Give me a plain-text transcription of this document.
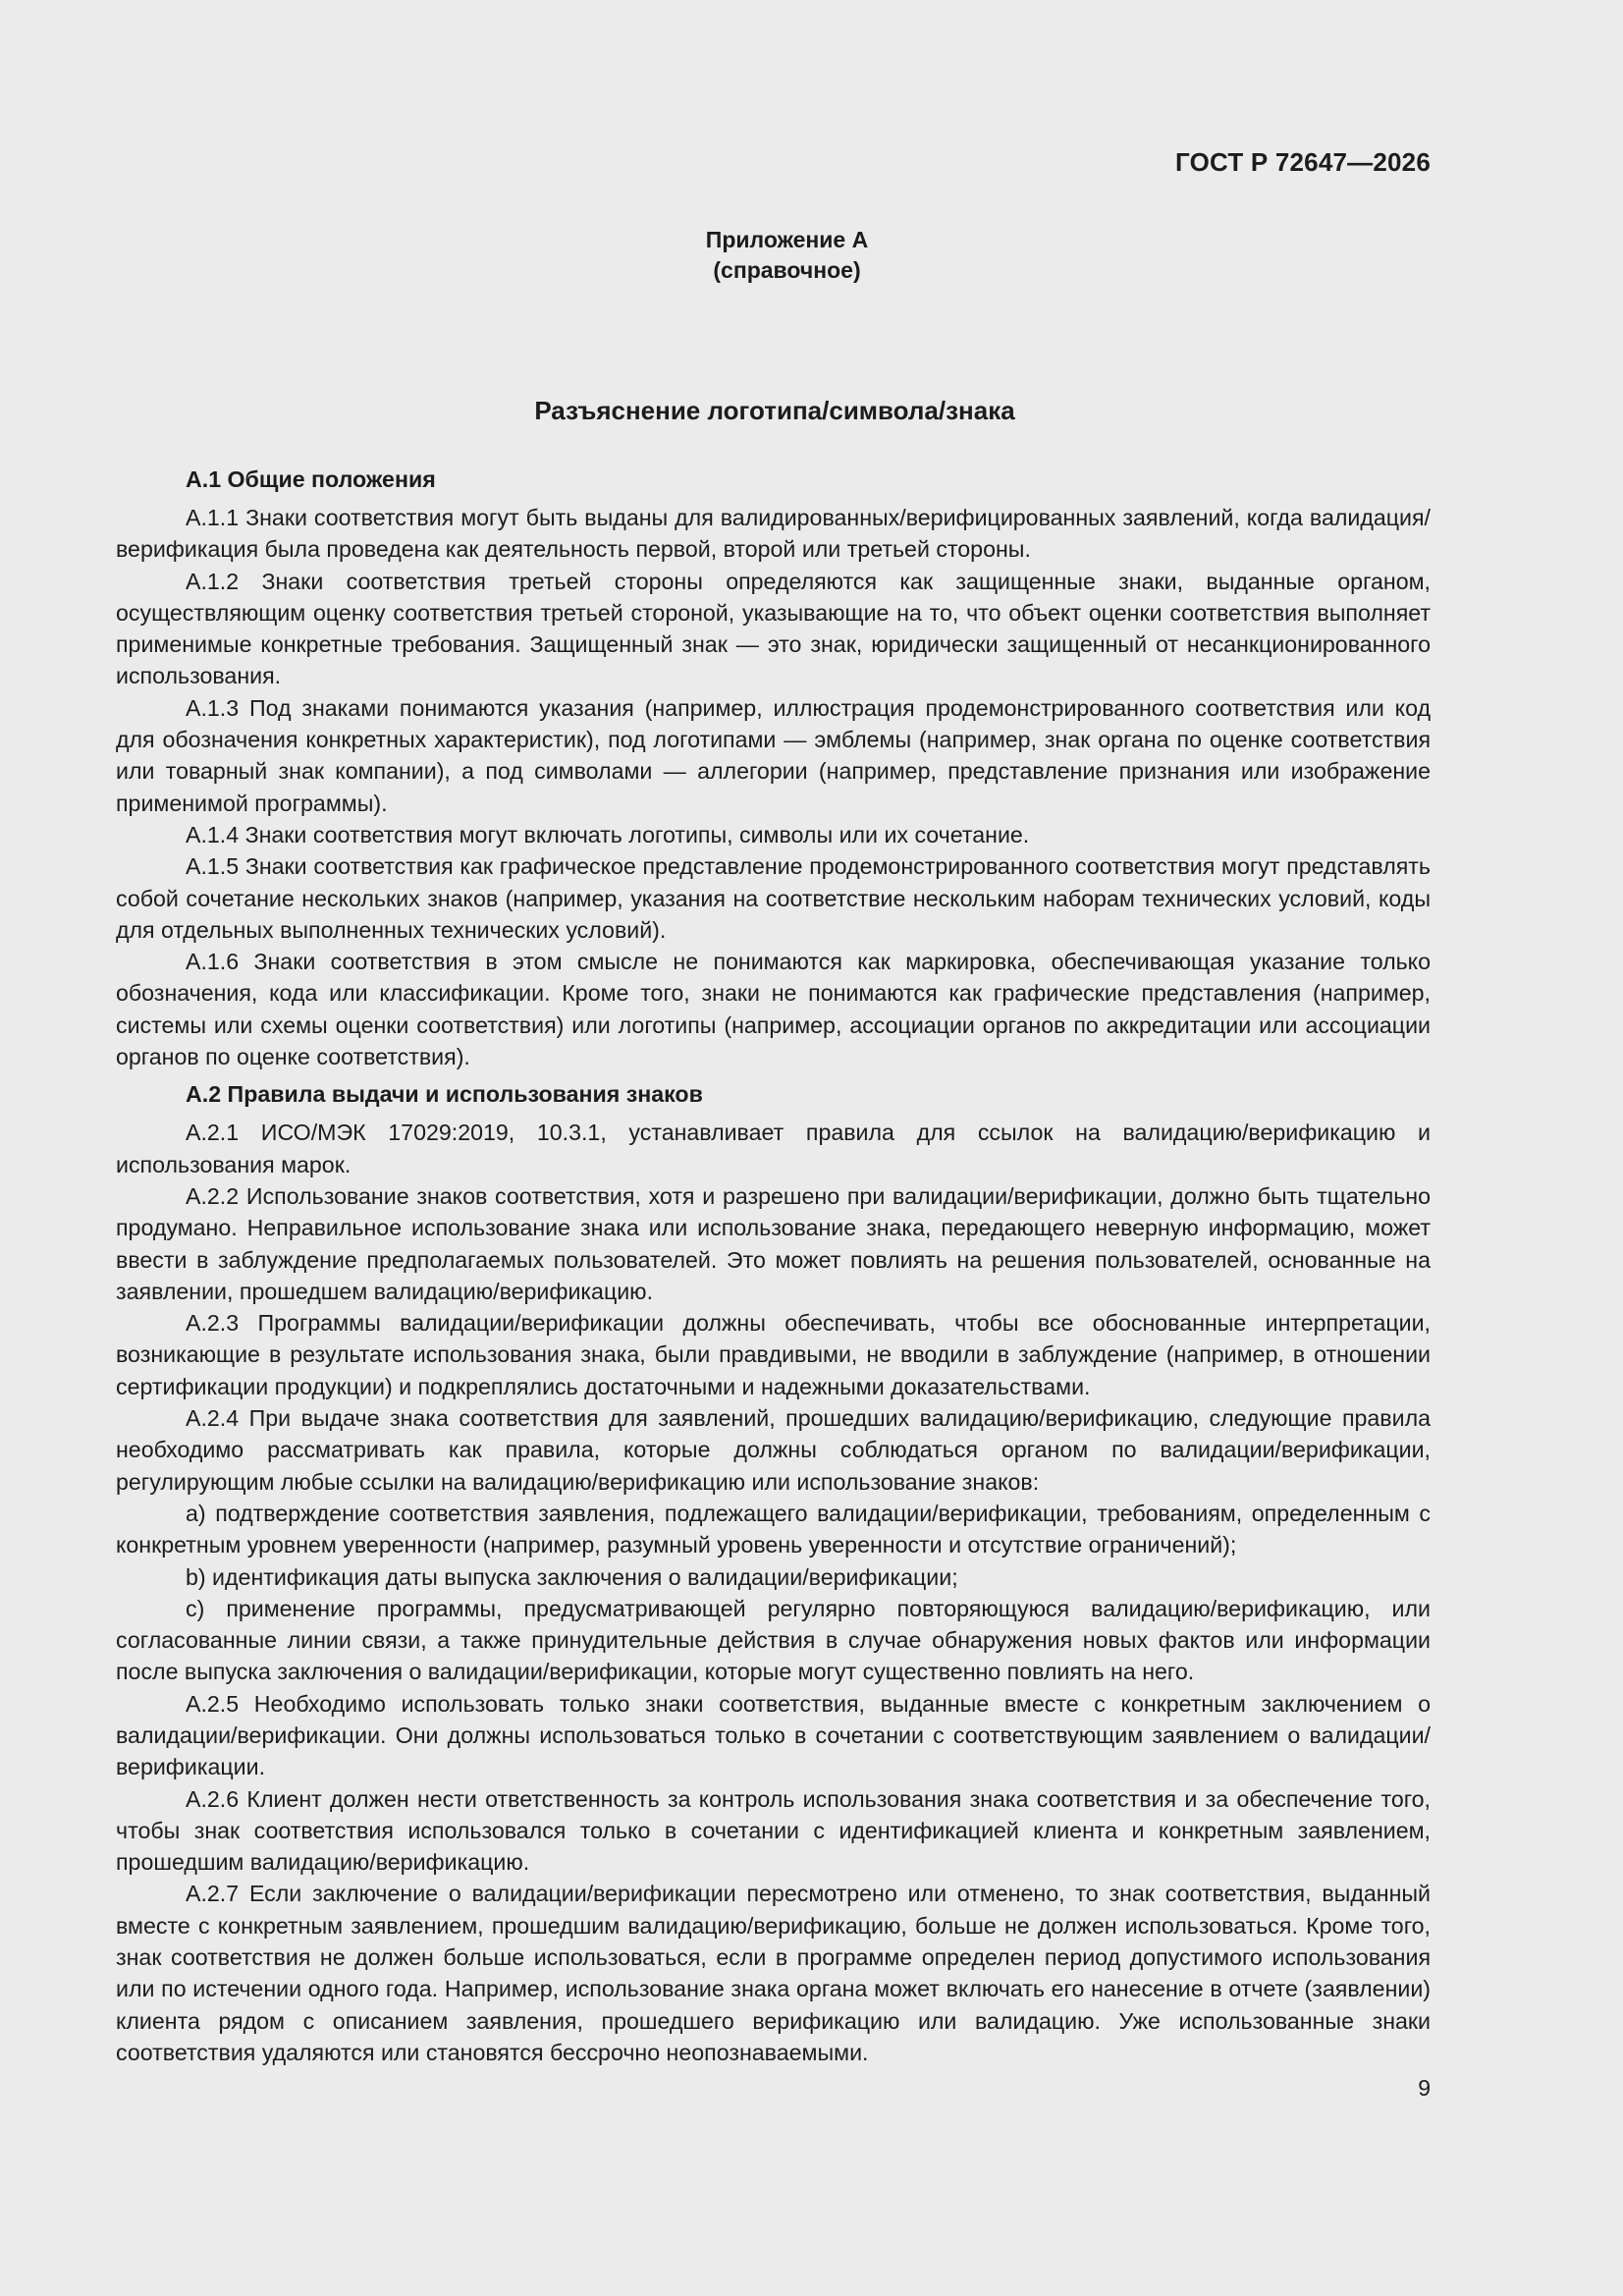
ГОСТ Р 72647—2026
Приложение А
(справочное)
Разъяснение логотипа/символа/знака
А.1 Общие положения

А.1.1 Знаки соответствия могут быть выданы для валидированных/верифицированных заявлений, когда валидация/верификация была проведена как деятельность первой, второй или третьей стороны.

А.1.2 Знаки соответствия третьей стороны определяются как защищенные знаки, выданные органом, осуществляющим оценку соответствия третьей стороной, указывающие на то, что объект оценки соответствия выполняет применимые конкретные требования. Защищенный знак — это знак, юридически защищенный от несанкционированного использования.

А.1.3 Под знаками понимаются указания (например, иллюстрация продемонстрированного соответствия или код для обозначения конкретных характеристик), под логотипами — эмблемы (например, знак органа по оценке соответствия или товарный знак компании), а под символами — аллегории (например, представление признания или изображение применимой программы).

А.1.4 Знаки соответствия могут включать логотипы, символы или их сочетание.

А.1.5 Знаки соответствия как графическое представление продемонстрированного соответствия могут представлять собой сочетание нескольких знаков (например, указания на соответствие нескольким наборам технических условий, коды для отдельных выполненных технических условий).

А.1.6 Знаки соответствия в этом смысле не понимаются как маркировка, обеспечивающая указание только обозначения, кода или классификации. Кроме того, знаки не понимаются как графические представления (например, системы или схемы оценки соответствия) или логотипы (например, ассоциации органов по аккредитации или ассоциации органов по оценке соответствия).

А.2 Правила выдачи и использования знаков

А.2.1 ИСО/МЭК 17029:2019, 10.3.1, устанавливает правила для ссылок на валидацию/верификацию и использования марок.

А.2.2 Использование знаков соответствия, хотя и разрешено при валидации/верификации, должно быть тщательно продумано. Неправильное использование знака или использование знака, передающего неверную информацию, может ввести в заблуждение предполагаемых пользователей. Это может повлиять на решения пользователей, основанные на заявлении, прошедшем валидацию/верификацию.

А.2.3 Программы валидации/верификации должны обеспечивать, чтобы все обоснованные интерпретации, возникающие в результате использования знака, были правдивыми, не вводили в заблуждение (например, в отношении сертификации продукции) и подкреплялись достаточными и надежными доказательствами.

А.2.4 При выдаче знака соответствия для заявлений, прошедших валидацию/верификацию, следующие правила необходимо рассматривать как правила, которые должны соблюдаться органом по валидации/верификации, регулирующим любые ссылки на валидацию/верификацию или использование знаков:

а) подтверждение соответствия заявления, подлежащего валидации/верификации, требованиям, определенным с конкретным уровнем уверенности (например, разумный уровень уверенности и отсутствие ограничений);

b) идентификация даты выпуска заключения о валидации/верификации;

c) применение программы, предусматривающей регулярно повторяющуюся валидацию/верификацию, или согласованные линии связи, а также принудительные действия в случае обнаружения новых фактов или информации после выпуска заключения о валидации/верификации, которые могут существенно повлиять на него.

А.2.5 Необходимо использовать только знаки соответствия, выданные вместе с конкретным заключением о валидации/верификации. Они должны использоваться только в сочетании с соответствующим заявлением о валидации/верификации.

А.2.6 Клиент должен нести ответственность за контроль использования знака соответствия и за обеспечение того, чтобы знак соответствия использовался только в сочетании с идентификацией клиента и конкретным заявлением, прошедшим валидацию/верификацию.

А.2.7 Если заключение о валидации/верификации пересмотрено или отменено, то знак соответствия, выданный вместе с конкретным заявлением, прошедшим валидацию/верификацию, больше не должен использоваться. Кроме того, знак соответствия не должен больше использоваться, если в программе определен период допустимого использования или по истечении одного года. Например, использование знака органа может включать его нанесение в отчете (заявлении) клиента рядом с описанием заявления, прошедшего верификацию или валидацию. Уже использованные знаки соответствия удаляются или становятся бессрочно неопознаваемыми.

9
